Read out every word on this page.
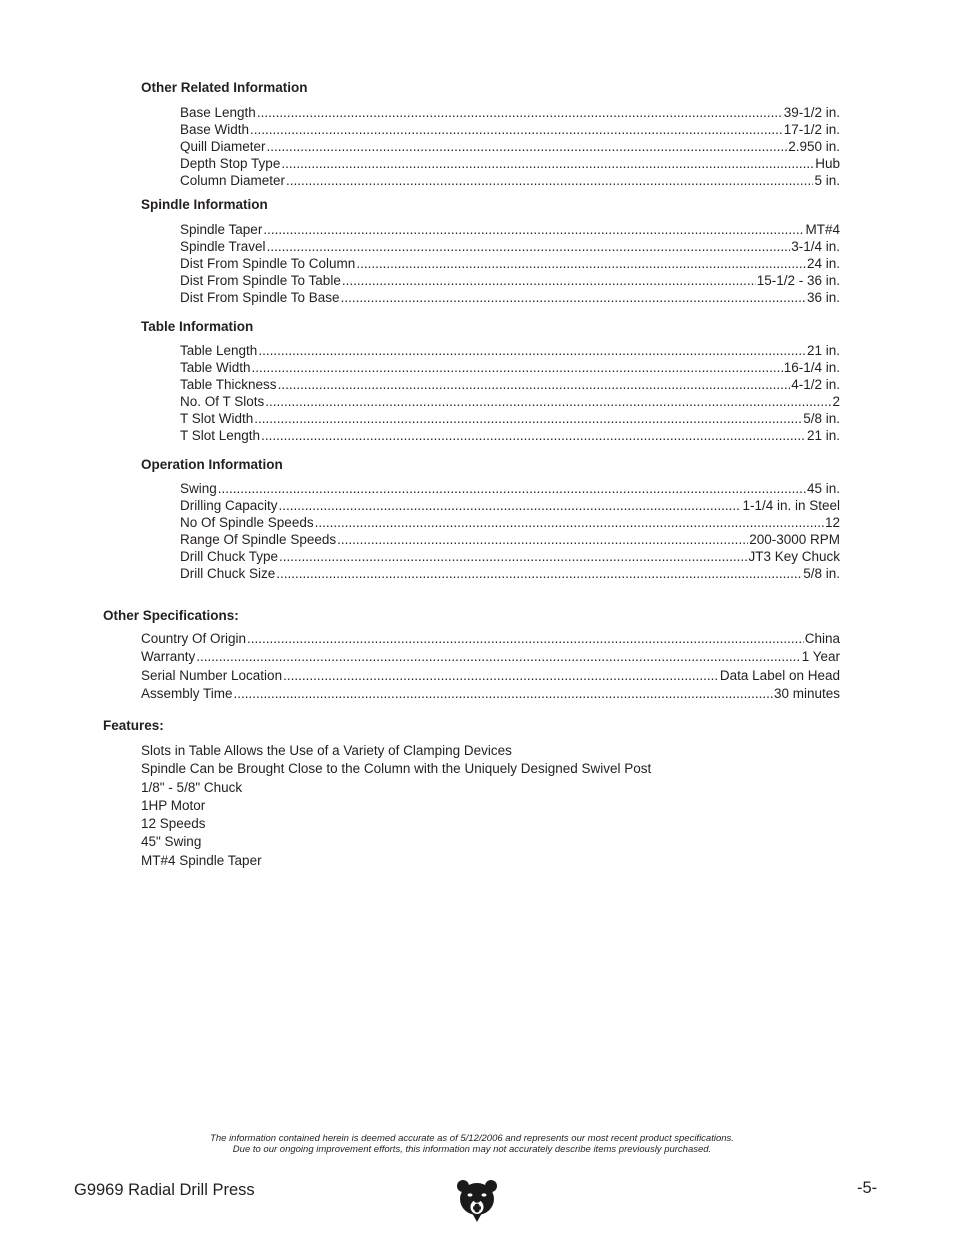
Other Related Information
Base Length .....	39-1/2 in.
Base Width .....	17-1/2 in.
Quill Diameter .....	2.950 in.
Depth Stop Type .....	Hub
Column Diameter .....	5 in.
Spindle Information
Spindle Taper .....	MT#4
Spindle Travel .....	3-1/4 in.
Dist From Spindle To Column .....	24 in.
Dist From Spindle To Table .....	15-1/2 - 36 in.
Dist From Spindle To Base .....	36 in.
Table Information
Table Length .....	21 in.
Table Width .....	16-1/4 in.
Table Thickness .....	4-1/2 in.
No. Of T Slots .....	2
T Slot Width .....	5/8 in.
T Slot Length .....	21 in.
Operation Information
Swing .....	45 in.
Drilling Capacity .....	1-1/4 in. in Steel
No Of Spindle Speeds .....	12
Range Of Spindle Speeds .....	200-3000 RPM
Drill Chuck Type .....	JT3 Key Chuck
Drill Chuck Size .....	5/8 in.
Other Specifications:
Country Of Origin .....	China
Warranty .....	1 Year
Serial Number Location .....	Data Label on Head
Assembly Time .....	30 minutes
Features:
Slots in Table Allows the Use of a Variety of Clamping Devices
Spindle Can be Brought Close to the Column with the Uniquely Designed Swivel Post
1/8" - 5/8" Chuck
1HP Motor
12 Speeds
45" Swing
MT#4 Spindle Taper
The information contained herein is deemed accurate as of 5/12/2006 and represents our most recent product specifications.
Due to our ongoing improvement efforts, this information may not accurately describe items previously purchased.
G9969 Radial Drill Press	-5-
